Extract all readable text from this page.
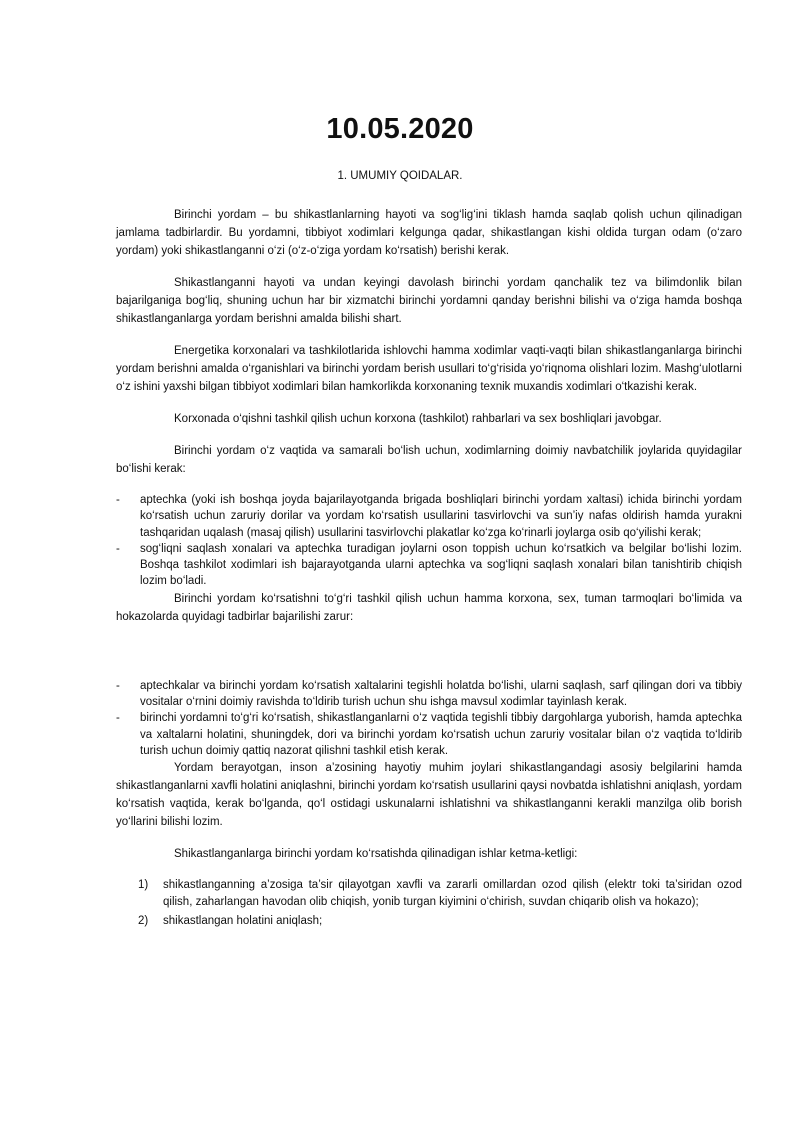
10.05.2020
1. UMUMIY QOIDALAR.

Birinchi yordam – bu shikastlanlarning hayoti va sog‘lig‘ini tiklash hamda saqlab qolish uchun qilinadigan jamlama tadbirlardir. Bu yordamni, tibbiyot xodimlari kelgunga qadar, shikastlangan kishi oldida turgan odam (o‘zaro yordam) yoki shikastlanganni o‘zi (o‘z-o‘ziga yordam ko‘rsatish) berishi kerak.

Shikastlanganni hayoti va undan keyingi davolash birinchi yordam qanchalik tez va bilimdonlik bilan bajarilganiga bog‘liq, shuning uchun har bir xizmatchi birinchi yordamni qanday berishni bilishi va o‘ziga hamda boshqa shikastlanganlarga yordam berishni amalda bilishi shart.

Energetika korxonalari va tashkilotlarida ishlovchi hamma xodimlar vaqti-vaqti bilan shikastlanganlarga birinchi yordam berishni amalda o‘rganishlari va birinchi yordam berish usullari to‘g‘risida yo‘riqnoma olishlari lozim. Mashg‘ulotlarni o‘z ishini yaxshi bilgan tibbiyot xodimlari bilan hamkorlikda korxonaning texnik muxandis xodimlari o‘tkazishi kerak.

Korxonada o‘qishni tashkil qilish uchun korxona (tashkilot) rahbarlari va sex boshliqlari javobgar.

Birinchi yordam o‘z vaqtida va samarali bo‘lish uchun, xodimlarning doimiy navbatchilik joylarida quyidagilar bo‘lishi kerak:

- aptechka (yoki ish boshqa joyda bajarilayotganda brigada boshliqlari birinchi yordam xaltasi) ichida birinchi yordam ko‘rsatish uchun zaruriy dorilar va yordam ko‘rsatish usullarini tasvirlovchi va sun’iy nafas oldirish hamda yurakni tashqaridan uqalash (masaj qilish) usullarini tasvirlovchi plakatlar ko‘zga ko‘rinarli joylarga osib qo‘yilishi kerak;
- sog‘liqni saqlash xonalari va aptechka turadigan joylarni oson toppish uchun ko‘rsatkich va belgilar bo‘lishi lozim. Boshqa tashkilot xodimlari ish bajarayotganda ularni aptechka va sog‘liqni saqlash xonalari bilan tanishtirib chiqish lozim bo‘ladi.

Birinchi yordam ko‘rsatishni to‘g‘ri tashkil qilish uchun hamma korxona, sex, tuman tarmoqlari bo‘limida va hokazolarda quyidagi tadbirlar bajarilishi zarur:

- aptechkalar va birinchi yordam ko‘rsatish xaltalarini tegishli holatda bo‘lishi, ularni saqlash, sarf qilingan dori va tibbiy vositalar o‘rnini doimiy ravishda to‘ldirib turish uchun shu ishga mavsul xodimlar tayinlash kerak.
- birinchi yordamni to‘g‘ri ko‘rsatish, shikastlanganlarni o‘z vaqtida tegishli tibbiy dargohlarga yuborish, hamda aptechka va xaltalarni holatini, shuningdek, dori va birinchi yordam ko‘rsatish uchun zaruriy vositalar bilan o‘z vaqtida to‘ldirib turish uchun doimiy qattiq nazorat qilishni tashkil etish kerak.

Yordam berayotgan, inson a’zosining hayotiy muhim joylari shikastlangandagi asosiy belgilarini hamda shikastlanganlarni xavfli holatini aniqlashni, birinchi yordam ko‘rsatish usullarini qaysi novbatda ishlatishni aniqlash, yordam ko‘rsatish vaqtida, kerak bo‘lganda, qo‘l ostidagi uskunalarni ishlatishni va shikastlanganni kerakli manzilga olib borish yo‘llarini bilishi lozim.

Shikastlanganlarga birinchi yordam ko‘rsatishda qilinadigan ishlar ketma-ketligi:

1) shikastlanganning a’zosiga ta’sir qilayotgan xavfli va zararli omillardan ozod qilish (elektr toki ta’siridan ozod qilish, zaharlangan havodan olib chiqish, yonib turgan kiyimini o‘chirish, suvdan chiqarib olish va hokazo);
2) shikastlangan holatini aniqlash;
